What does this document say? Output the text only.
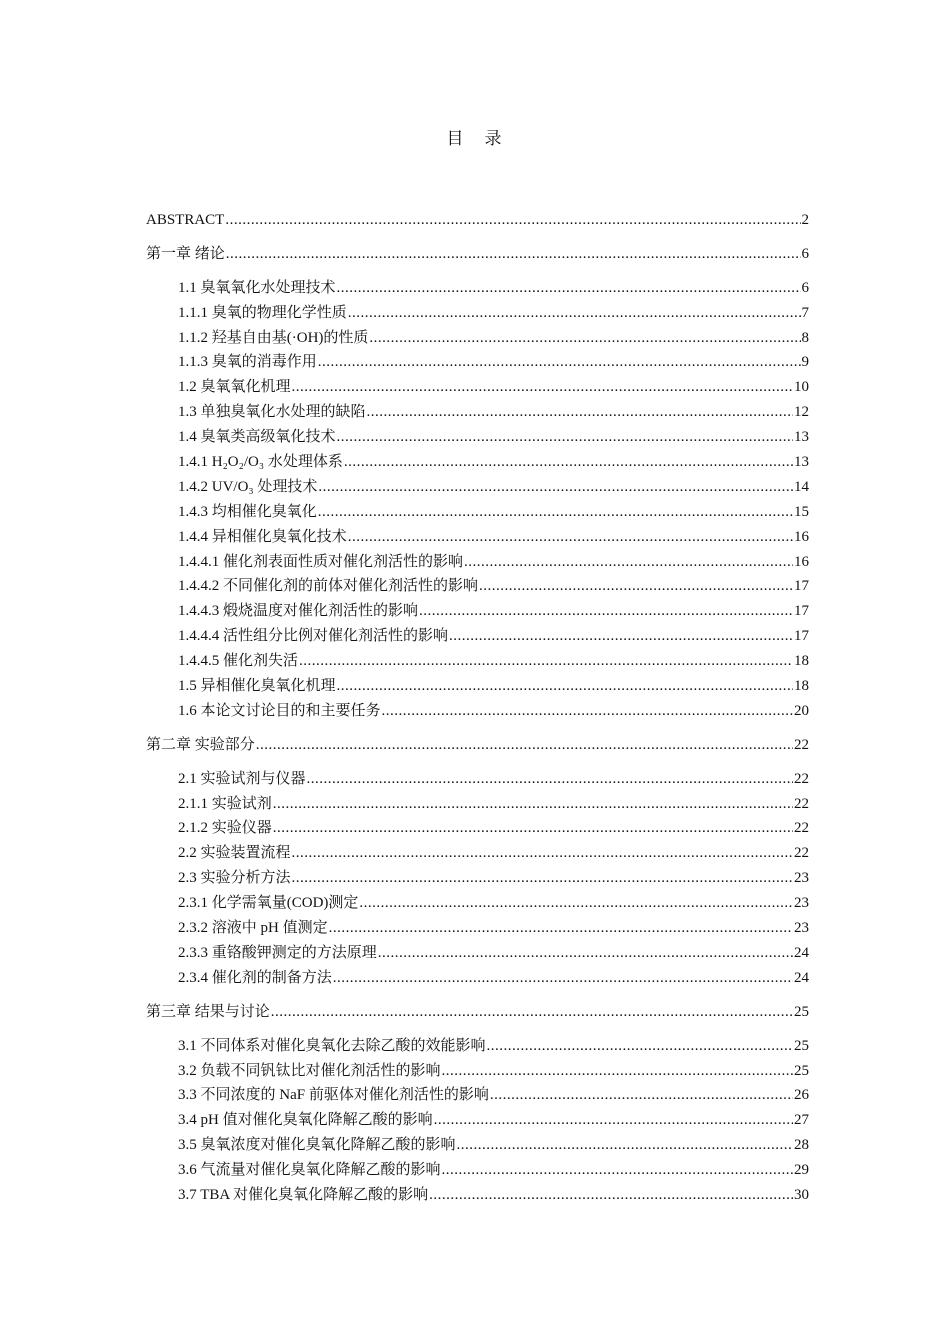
目　录
ABSTRACT .....	2
第一章 绪论 .....	6
1.1 臭氧氧化水处理技术 .....	6
1.1.1 臭氧的物理化学性质 .....	7
1.1.2 羟基自由基(·OH)的性质 .....	8
1.1.3 臭氧的消毒作用 .....	9
1.2 臭氧氧化机理 .....	10
1.3 单独臭氧化水处理的缺陷 .....	12
1.4 臭氧类高级氧化技术 .....	13
1.4.1 H₂O₂/O₃ 水处理体系 .....	13
1.4.2 UV/O₃ 处理技术 .....	14
1.4.3 均相催化臭氧化 .....	15
1.4.4 异相催化臭氧化技术 .....	16
1.4.4.1 催化剂表面性质对催化剂活性的影响 .....	16
1.4.4.2 不同催化剂的前体对催化剂活性的影响 .....	17
1.4.4.3 煅烧温度对催化剂活性的影响 .....	17
1.4.4.4 活性组分比例对催化剂活性的影响 .....	17
1.4.4.5 催化剂失活 .....	18
1.5 异相催化臭氧化机理 .....	18
1.6 本论文讨论目的和主要任务 .....	20
第二章 实验部分 .....	22
2.1 实验试剂与仪器 .....	22
2.1.1 实验试剂 .....	22
2.1.2 实验仪器 .....	22
2.2 实验装置流程 .....	22
2.3 实验分析方法 .....	23
2.3.1 化学需氧量(COD)测定 .....	23
2.3.2 溶液中 pH 值测定 .....	23
2.3.3 重铬酸钾测定的方法原理 .....	24
2.3.4 催化剂的制备方法 .....	24
第三章 结果与讨论 .....	25
3.1 不同体系对催化臭氧化去除乙酸的效能影响 .....	25
3.2 负载不同钒钛比对催化剂活性的影响 .....	25
3.3 不同浓度的 NaF 前驱体对催化剂活性的影响 .....	26
3.4 pH 值对催化臭氧化降解乙酸的影响 .....	27
3.5 臭氧浓度对催化臭氧化降解乙酸的影响 .....	28
3.6 气流量对催化臭氧化降解乙酸的影响 .....	29
3.7 TBA 对催化臭氧化降解乙酸的影响 .....	30
